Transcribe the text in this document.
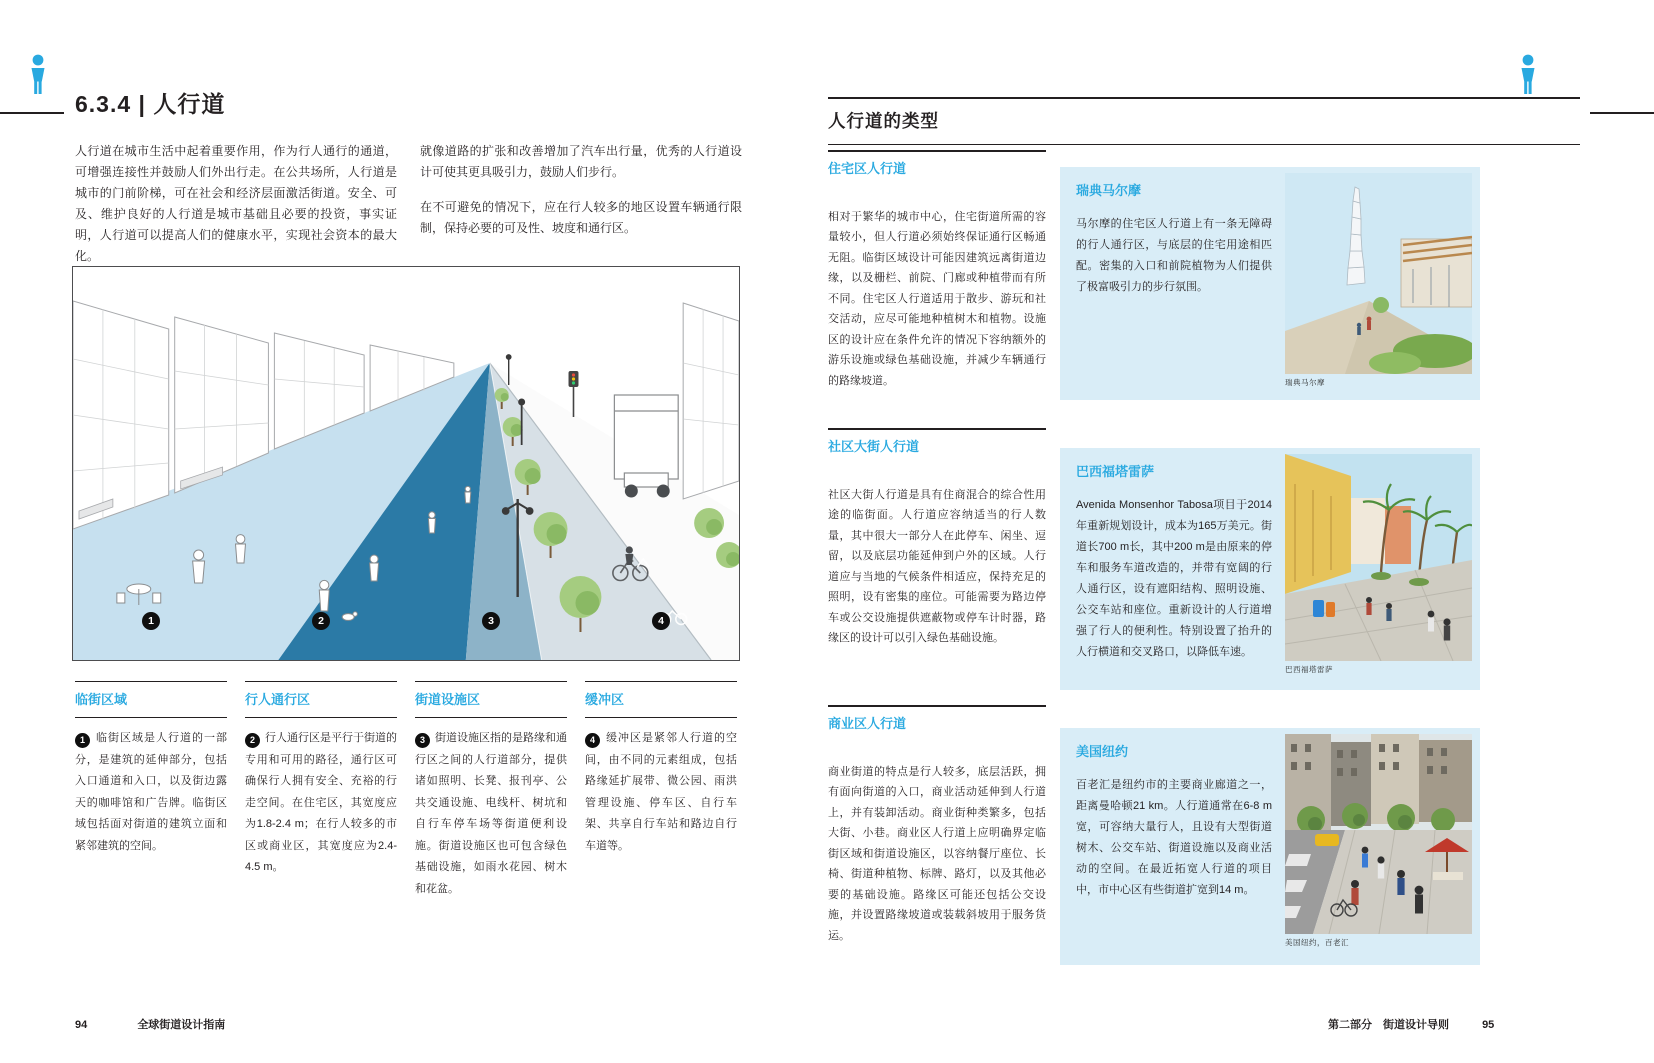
6.3.4 | 人行道

人行道在城市生活中起着重要作用，作为行人通行的通道，可增强连接性并鼓励人们外出行走。在公共场所，人行道是城市的门前阶梯，可在社会和经济层面激活街道。安全、可及、维护良好的人行道是城市基础且必要的投资，事实证明，人行道可以提高人们的健康水平，实现社会资本的最大化。

就像道路的扩张和改善增加了汽车出行量，优秀的人行道设计可使其更具吸引力，鼓励人们步行。

在不可避免的情况下，应在行人较多的地区设置车辆通行限制，保持必要的可及性、坡度和通行区。

1	2	3	4
临街区域

1 临街区域是人行道的一部分，是建筑的延伸部分，包括入口通道和入口，以及街边露天的咖啡馆和广告牌。临街区域包括面对街道的建筑立面和紧邻建筑的空间。

行人通行区

2 行人通行区是平行于街道的专用和可用的路径，通行区可确保行人拥有安全、充裕的行走空间。在住宅区，其宽度应为1.8-2.4 m；在行人较多的市区或商业区，其宽度应为2.4-4.5 m。

街道设施区

3 街道设施区指的是路缘和通行区之间的人行道部分，提供诸如照明、长凳、报刊亭、公共交通设施、电线杆、树坑和自行车停车场等街道便利设施。街道设施区也可包含绿色基础设施，如雨水花园、树木和花盆。

缓冲区

4 缓冲区是紧邻人行道的空间，由不同的元素组成，包括路缘延扩展带、微公园、雨洪管理设施、停车区、自行车架、共享自行车站和路边自行车道等。

94	全球街道设计指南
人行道的类型
住宅区人行道

相对于繁华的城市中心，住宅街道所需的容量较小，但人行道必须始终保证通行区畅通无阻。临街区域设计可能因建筑远离街道边缘，以及栅栏、前院、门廊或种植带而有所不同。住宅区人行道适用于散步、游玩和社交活动，应尽可能地种植树木和植物。设施区的设计应在条件允许的情况下容纳额外的游乐设施或绿色基础设施，并减少车辆通行的路缘坡道。

瑞典马尔摩

马尔摩的住宅区人行道上有一条无障碍的行人通行区，与底层的住宅用途相匹配。密集的入口和前院植物为人们提供了极富吸引力的步行氛围。

瑞典马尔摩
社区大街人行道

社区大街人行道是具有住商混合的综合性用途的临街面。人行道应容纳适当的行人数量，其中很大一部分人在此停车、闲坐、逗留，以及底层功能延伸到户外的区域。人行道应与当地的气候条件相适应，保持充足的照明，设有密集的座位。可能需要为路边停车或公交设施提供遮蔽物或停车计时器，路缘区的设计可以引入绿色基础设施。

巴西福塔雷萨

Avenida Monsenhor Tabosa项目于2014年重新规划设计，成本为165万美元。街道长700 m长，其中200 m是由原来的停车和服务车道改造的，并带有宽阔的行人通行区，设有遮阳结构、照明设施、公交车站和座位。重新设计的人行道增强了行人的便利性。特别设置了抬升的人行横道和交叉路口，以降低车速。

巴西福塔雷萨
商业区人行道

商业街道的特点是行人较多，底层活跃，拥有面向街道的入口，商业活动延伸到人行道上，并有装卸活动。商业街种类繁多，包括大街、小巷。商业区人行道上应明确界定临街区域和街道设施区，以容纳餐厅座位、长椅、街道种植物、标牌、路灯，以及其他必要的基础设施。路缘区可能还包括公交设施，并设置路缘坡道或装载斜坡用于服务货运。

美国纽约

百老汇是纽约市的主要商业廊道之一，距离曼哈顿21 km。人行道通常在6-8 m宽，可容纳大量行人，且设有大型街道树木、公交车站、街道设施以及商业活动的空间。在最近拓宽人行道的项目中，市中心区有些街道扩宽到14 m。

美国纽约，百老汇
第二部分　街道设计导则	95
